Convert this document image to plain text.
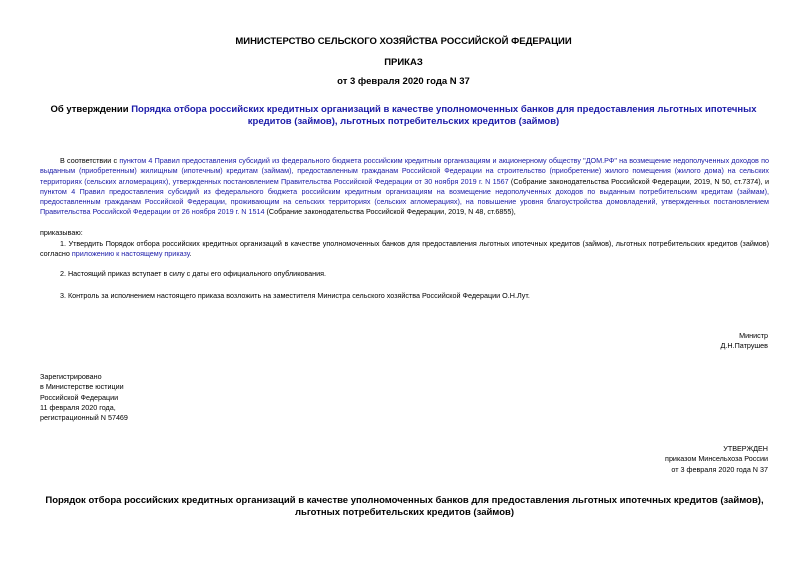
МИНИСТЕРСТВО СЕЛЬСКОГО ХОЗЯЙСТВА РОССИЙСКОЙ ФЕДЕРАЦИИ
ПРИКАЗ
от 3 февраля 2020 года N 37
Об утверждении Порядка отбора российских кредитных организаций в качестве уполномоченных банков для предоставления льготных ипотечных кредитов (займов), льготных потребительских кредитов (займов)
В соответствии с пунктом 4 Правил предоставления субсидий из федерального бюджета российским кредитным организациям и акционерному обществу "ДОМ.РФ" на возмещение недополученных доходов по выданным (приобретенным) жилищным (ипотечным) кредитам (займам), предоставленным гражданам Российской Федерации на строительство (приобретение) жилого помещения (жилого дома) на сельских территориях (сельских агломерациях), утвержденных постановлением Правительства Российской Федерации от 30 ноября 2019 г. N 1567 (Собрание законодательства Российской Федерации, 2019, N 50, ст.7374), и пунктом 4 Правил предоставления субсидий из федерального бюджета российским кредитным организациям на возмещение недополученных доходов по выданным потребительским кредитам (займам), предоставленным гражданам Российской Федерации, проживающим на сельских территориях (сельских агломерациях), на повышение уровня благоустройства домовладений, утвержденных постановлением Правительства Российской Федерации от 26 ноября 2019 г. N 1514 (Собрание законодательства Российской Федерации, 2019, N 48, ст.6855),
приказываю:
1. Утвердить Порядок отбора российских кредитных организаций в качестве уполномоченных банков для предоставления льготных ипотечных кредитов (займов), льготных потребительских кредитов (займов) согласно приложению к настоящему приказу.
2. Настоящий приказ вступает в силу с даты его официального опубликования.
3. Контроль за исполнением настоящего приказа возложить на заместителя Министра сельского хозяйства Российской Федерации О.Н.Лут.
Министр
Д.Н.Патрушев
Зарегистрировано
в Министерстве юстиции
Российской Федерации
11 февраля 2020 года,
регистрационный N 57469
УТВЕРЖДЕН
приказом Минсельхоза России
от 3 февраля 2020 года N 37
Порядок отбора российских кредитных организаций в качестве уполномоченных банков для предоставления льготных ипотечных кредитов (займов), льготных потребительских кредитов (займов)
